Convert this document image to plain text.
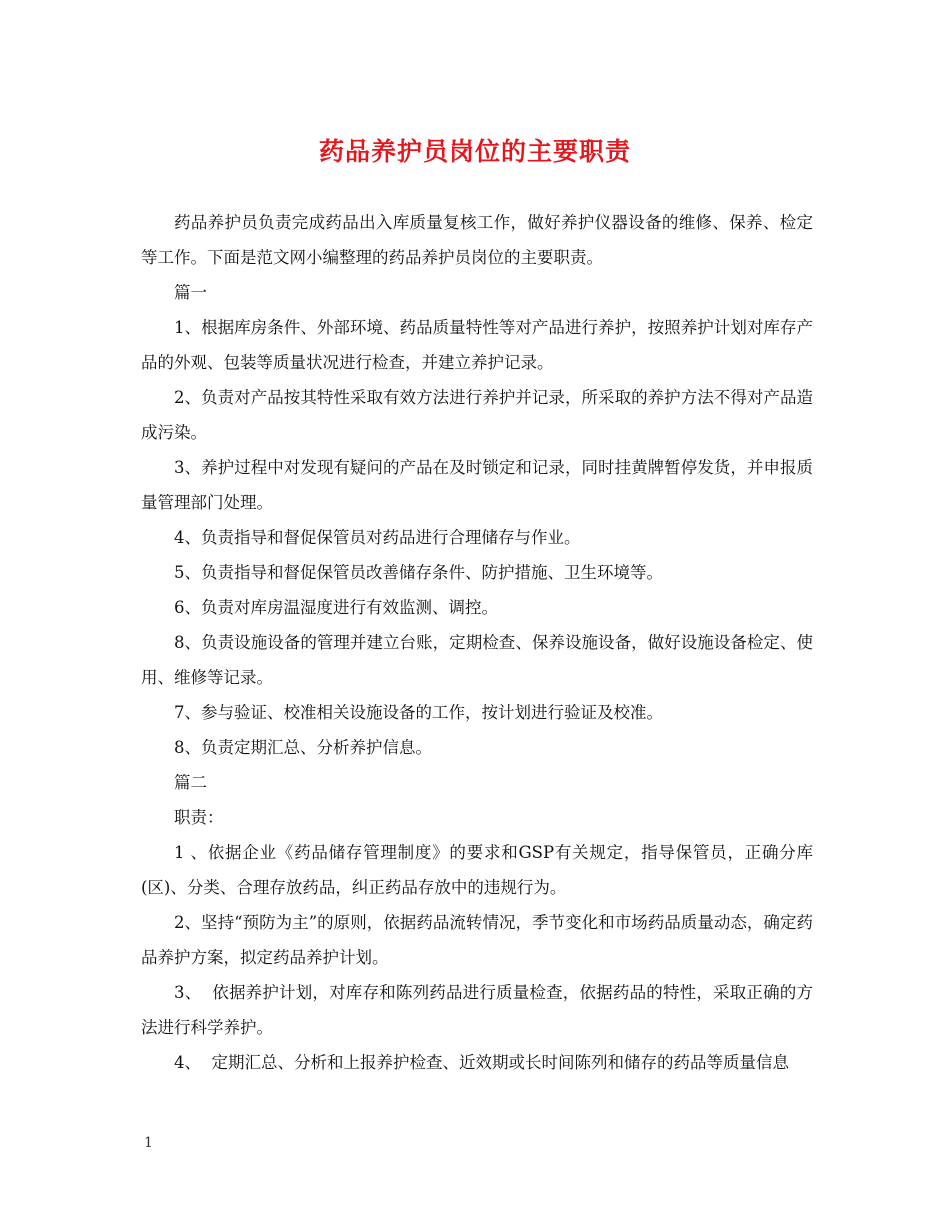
药品养护员岗位的主要职责

药品养护员负责完成药品出入库质量复核工作，做好养护仪器设备的维修、保养、检定等工作。下面是范文网小编整理的药品养护员岗位的主要职责。

篇一

1、根据库房条件、外部环境、药品质量特性等对产品进行养护，按照养护计划对库存产品的外观、包装等质量状况进行检查，并建立养护记录。

2、负责对产品按其特性采取有效方法进行养护并记录，所采取的养护方法不得对产品造成污染。

3、养护过程中对发现有疑问的产品在及时锁定和记录，同时挂黄牌暂停发货，并申报质量管理部门处理。

4、负责指导和督促保管员对药品进行合理储存与作业。

5、负责指导和督促保管员改善储存条件、防护措施、卫生环境等。

6、负责对库房温湿度进行有效监测、调控。

8、负责设施设备的管理并建立台账，定期检查、保养设施设备，做好设施设备检定、使用、维修等记录。

7、参与验证、校准相关设施设备的工作，按计划进行验证及校准。

8、负责定期汇总、分析养护信息。

篇二

职责：

1 、依据企业《药品储存管理制度》的要求和GSP有关规定，指导保管员，正确分库(区)、分类、合理存放药品，纠正药品存放中的违规行为。

2、坚持“预防为主”的原则，依据药品流转情况，季节变化和市场药品质量动态，确定药品养护方案，拟定药品养护计划。

3、  依据养护计划，对库存和陈列药品进行质量检查，依据药品的特性，采取正确的方法进行科学养护。

4、  定期汇总、分析和上报养护检查、近效期或长时间陈列和储存的药品等质量信息

1
